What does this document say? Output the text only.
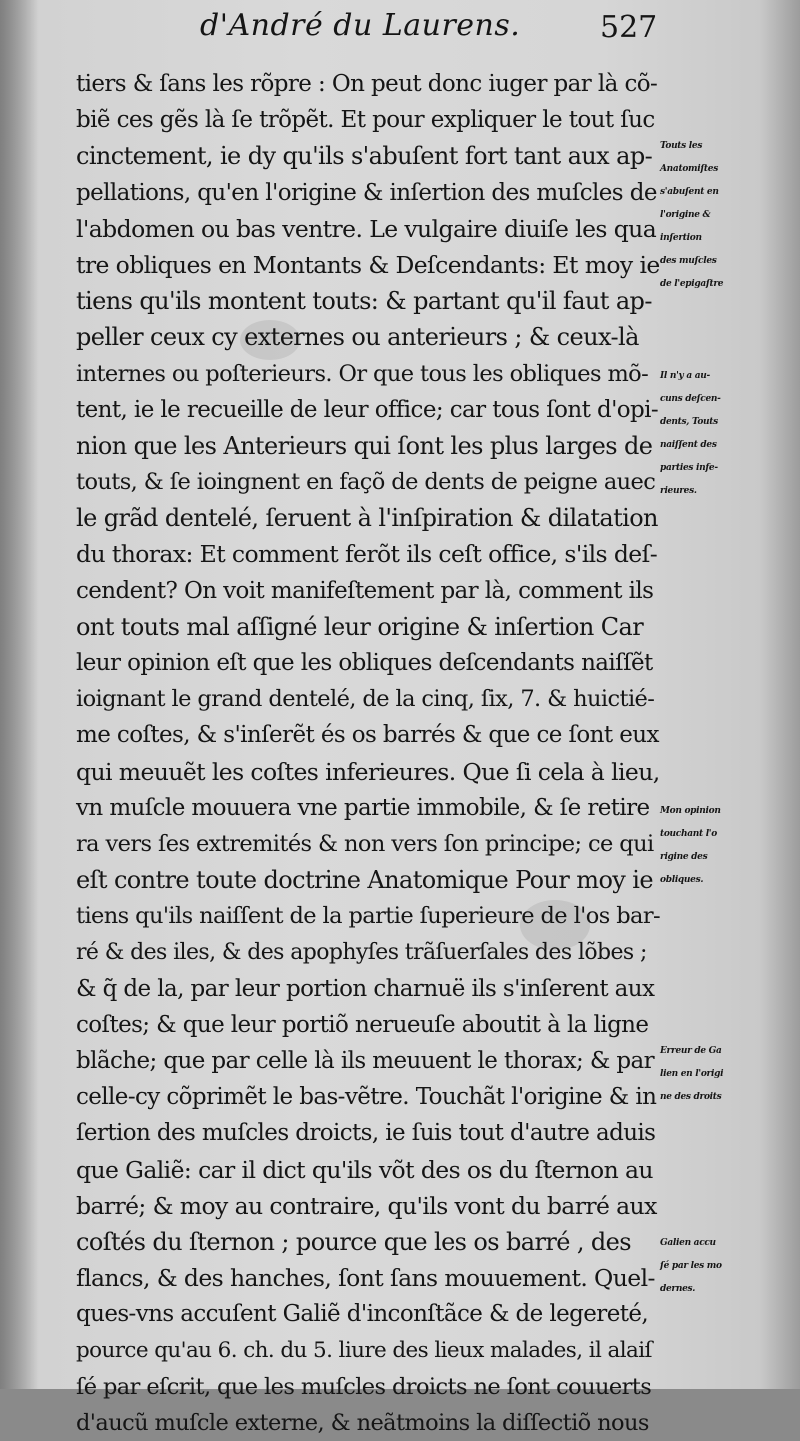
d'André du Laurens.	527
tiers & ſans les rõpre : On peut donc iuger par là cõ-
biẽ ces gẽs là ſe trõpẽt. Et pour expliquer le tout ſuc
cinctement, ie dy qu'ils s'abuſent fort tant aux ap-
pellations, qu'en l'origine & inſertion des muſcles de
l'abdomen ou bas ventre. Le vulgaire diuiſe les qua
tre obliques en Montants & Deſcendants: Et moy ie
tiens qu'ils montent touts: & partant qu'il faut ap-
peller ceux cy externes ou anterieurs ; & ceux-là
internes ou poſterieurs. Or que tous les obliques mõ-
tent, ie le recueille de leur office; car tous ſont d'opi-
nion que les Anterieurs qui ſont les plus larges de
touts, & ſe ioingnent en façõ de dents de peigne auec
le grãd dentelé, ſeruent à l'inſpiration & dilatation
du thorax: Et comment ferõt ils ceſt office, s'ils deſ-
cendent? On voit manifeſtement par là, comment ils
ont touts mal aſſigné leur origine & inſertion Car
leur opinion eſt que les obliques deſcendants naiſſẽt
ioignant le grand dentelé, de la cinq, ſix, 7. & huictié-
me coſtes, & s'inſerẽt és os barrés & que ce ſont eux
qui meuuẽt les coſtes inferieures. Que ſi cela à lieu,
vn muſcle mouuera vne partie immobile, & ſe retire
ra vers ſes extremités & non vers ſon principe; ce qui
eſt contre toute doctrine Anatomique Pour moy ie
tiens qu'ils naiſſent de la partie ſuperieure de l'os bar-
ré & des iles, & des apophyſes trãſuerſales des lõbes ;
& q̃ de la, par leur portion charnuë ils s'inſerent aux
coſtes; & que leur portiõ nerueuſe aboutit à la ligne
blãche; que par celle là ils meuuent le thorax; & par
celle-cy cõprimẽt le bas-vẽtre. Touchãt l'origine & in
ſertion des muſcles droicts, ie ſuis tout d'autre aduis
que Galiẽ: car il dict qu'ils võt des os du ſternon au
barré; & moy au contraire, qu'ils vont du barré aux
coſtés du ſternon ; pource que les os barré , des
flancs, & des hanches, ſont ſans mouuement. Quel-
ques-vns accuſent Galiẽ d'inconſtãce & de legereté,
pource qu'au 6. ch. du 5. liure des lieux malades, il alaiſ
ſé par eſcrit, que les muſcles droicts ne ſont couuerts
d'aucũ muſcle externe, & neãtmoins la diſſectiõ nous
Touts les
Anatomiſtes
s'abuſent en
l'origine &
inſertion
des muſcles
de l'epigaſtre
Il n'y a au-
cuns deſcen-
dents, Touts
naiſſent des
parties infe-
rieures.
Mon opinion
touchant l'o
rigine des
obliques.
Erreur de Ga
lien en l'origi
ne des droits
Galien accu
ſé par les mo
dernes.
